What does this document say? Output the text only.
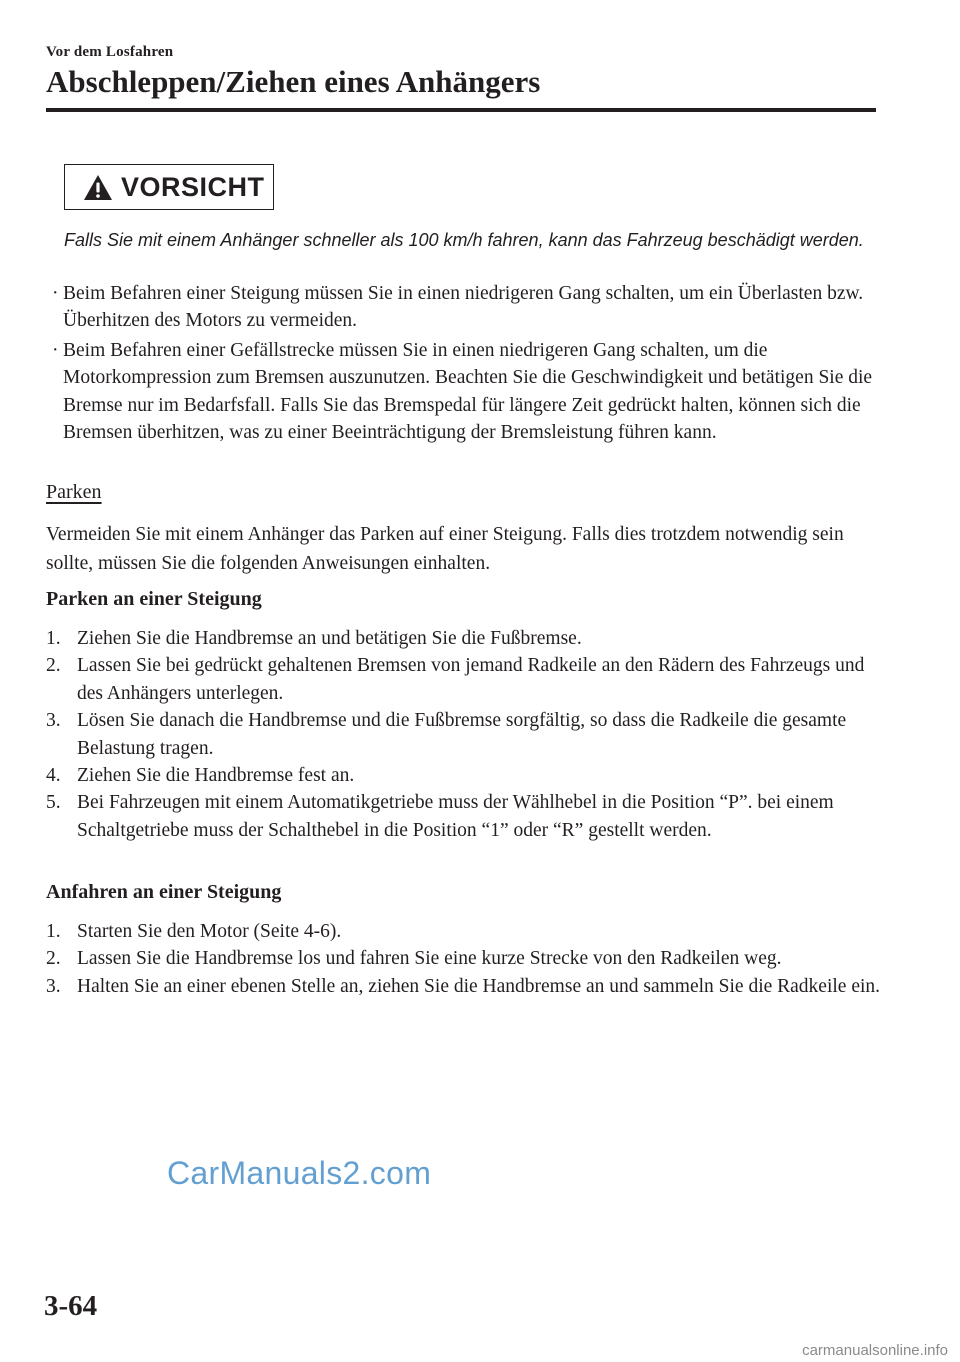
Vor dem Losfahren
Abschleppen/Ziehen eines Anhängers
VORSICHT
Falls Sie mit einem Anhänger schneller als 100 km/h fahren, kann das Fahrzeug beschädigt werden.
· Beim Befahren einer Steigung müssen Sie in einen niedrigeren Gang schalten, um ein Überlasten bzw. Überhitzen des Motors zu vermeiden.
· Beim Befahren einer Gefällstrecke müssen Sie in einen niedrigeren Gang schalten, um die Motorkompression zum Bremsen auszunutzen. Beachten Sie die Geschwindigkeit und betätigen Sie die Bremse nur im Bedarfsfall. Falls Sie das Bremspedal für längere Zeit gedrückt halten, können sich die Bremsen überhitzen, was zu einer Beeinträchtigung der Bremsleistung führen kann.
Parken

Vermeiden Sie mit einem Anhänger das Parken auf einer Steigung. Falls dies trotzdem notwendig sein sollte, müssen Sie die folgenden Anweisungen einhalten.

Parken an einer Steigung
1. Ziehen Sie die Handbremse an und betätigen Sie die Fußbremse.
2. Lassen Sie bei gedrückt gehaltenen Bremsen von jemand Radkeile an den Rädern des Fahrzeugs und des Anhängers unterlegen.
3. Lösen Sie danach die Handbremse und die Fußbremse sorgfältig, so dass die Radkeile die gesamte Belastung tragen.
4. Ziehen Sie die Handbremse fest an.
5. Bei Fahrzeugen mit einem Automatikgetriebe muss der Wählhebel in die Position “P”. bei einem Schaltgetriebe muss der Schalthebel in die Position “1” oder “R” gestellt werden.
Anfahren an einer Steigung
1. Starten Sie den Motor (Seite 4-6).
2. Lassen Sie die Handbremse los und fahren Sie eine kurze Strecke von den Radkeilen weg.
3. Halten Sie an einer ebenen Stelle an, ziehen Sie die Handbremse an und sammeln Sie die Radkeile ein.
CarManuals2.com
3-64
carmanualsonline.info
